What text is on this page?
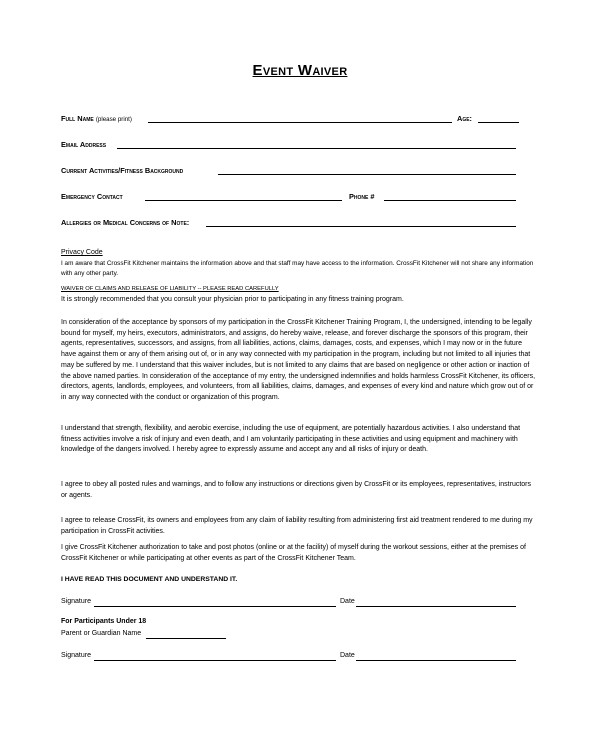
Event Waiver
Full Name (please print)	Age:
Email Address
Current Activities/Fitness Background
Emergency Contact	Phone #
Allergies or Medical Concerns of Note:
Privacy Code
I am aware that CrossFit Kitchener maintains the information above and that staff may have access to the information. CrossFit Kitchener will not share any information with any other party.
WAIVER OF CLAIMS AND RELEASE OF LIABILITY -- PLEASE READ CAREFULLY
It is strongly recommended that you consult your physician prior to participating in any fitness training program.
In consideration of the acceptance by sponsors of my participation in the CrossFit Kitchener Training Program, I, the undersigned, intending to be legally bound for myself, my heirs, executors, administrators, and assigns, do hereby waive, release, and forever discharge the sponsors of this program, their agents, representatives, successors, and assigns, from all liabilities, actions, claims, damages, costs, and expenses, which I may now or in the future have against them or any of them arising out of, or in any way connected with my participation in the program, including but not limited to all injuries that may be suffered by me. I understand that this waiver includes, but is not limited to any claims that are based on negligence or other action or inaction of the above named parties. In consideration of the acceptance of my entry, the undersigned indemnifies and holds harmless CrossFit Kitchener, its officers, directors, agents, landlords, employees, and volunteers, from all liabilities, claims, damages, and expenses of every kind and nature which grow out of or in any way connected with the conduct or organization of this program.
I understand that strength, flexibility, and aerobic exercise, including the use of equipment, are potentially hazardous activities. I also understand that fitness activities involve a risk of injury and even death, and I am voluntarily participating in these activities and using equipment and machinery with knowledge of the dangers involved. I hereby agree to expressly assume and accept any and all risks of injury or death.
I agree to obey all posted rules and warnings, and to follow any instructions or directions given by CrossFit or its employees, representatives, instructors or agents.
I agree to release CrossFit, its owners and employees from any claim of liability resulting from administering first aid treatment rendered to me during my participation in CrossFit activities.
I give CrossFit Kitchener authorization to take and post photos (online or at the facility) of myself during the workout sessions, either at the premises of CrossFit Kitchener or while participating at other events as part of the CrossFit Kitchener Team.
I HAVE READ THIS DOCUMENT AND UNDERSTAND IT.
Signature	Date
For Participants Under 18
Parent or Guardian Name
Signature	Date
